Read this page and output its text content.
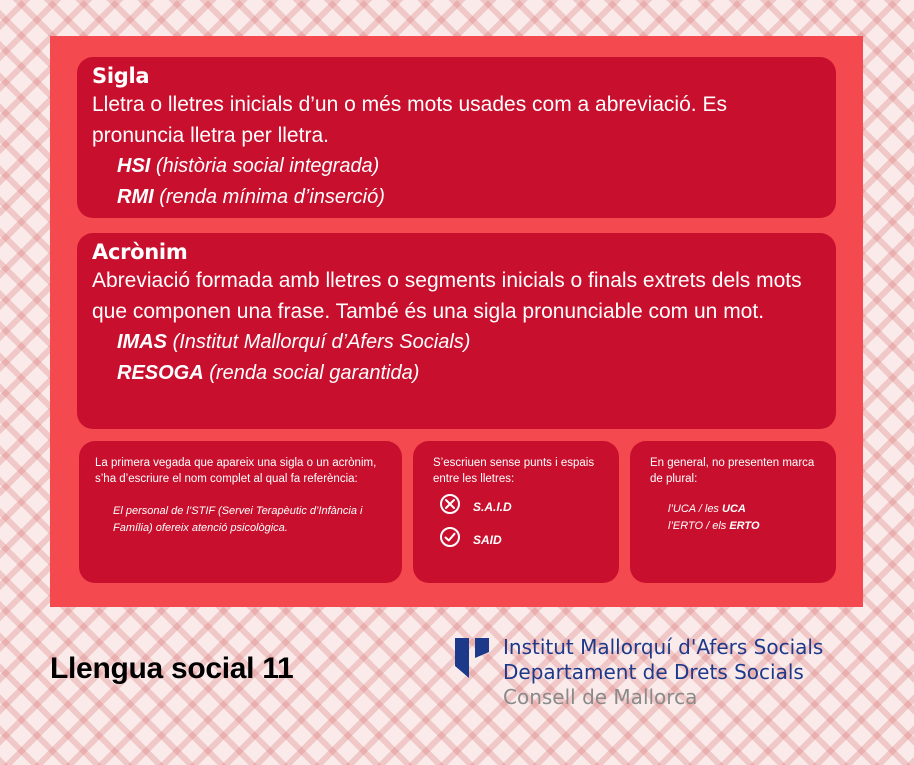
Sigla
Lletra o lletres inicials d’un o més mots usades com a abreviació. Es pronuncia lletra per lletra.
HSI (història social integrada)
RMI (renda mínima d’inserció)
Acrònim
Abreviació formada amb lletres o segments inicials o finals extrets dels mots que componen una frase. També és una sigla pronunciable com un mot.
IMAS (Institut Mallorquí d’Afers Socials)
RESOGA (renda social garantida)
La primera vegada que apareix una sigla o un acrònim, s’ha d’escriure el nom complet al qual fa referència:
El personal de l’STIF (Servei Terapèutic d’Infància i Família) ofereix atenció psicològica.
S’escriuen sense punts i espais entre les lletres:
S.A.I.D
SAID
En general, no presenten marca de plural:
l’UCA / les UCA
l’ERTO / els ERTO
Llengua social 11
Institut Mallorquí d'Afers Socials
Departament de Drets Socials
Consell de Mallorca
